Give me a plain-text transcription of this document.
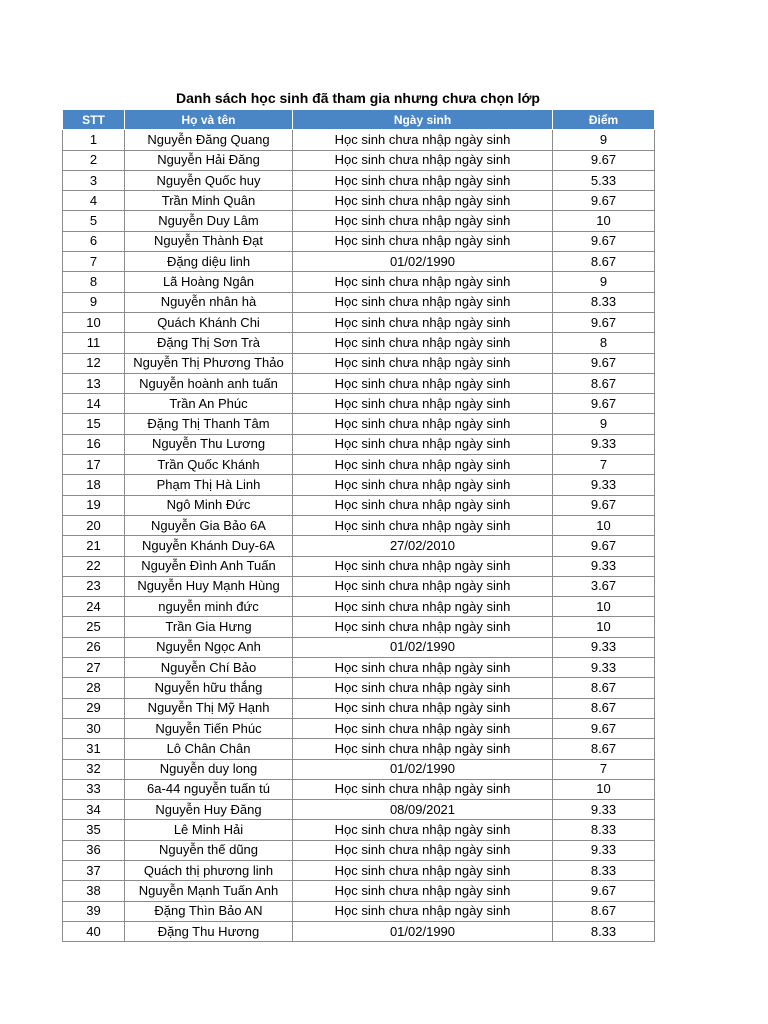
Danh sách học sinh đã tham gia nhưng chưa chọn lớp
STT	Họ và tên	Ngày sinh	Điểm
1	Nguyễn Đăng Quang	Học sinh chưa nhập ngày sinh	9
2	Nguyễn Hải Đăng	Học sinh chưa nhập ngày sinh	9.67
3	Nguyễn Quốc huy	Học sinh chưa nhập ngày sinh	5.33
4	Trần Minh Quân	Học sinh chưa nhập ngày sinh	9.67
5	Nguyễn Duy Lâm	Học sinh chưa nhập ngày sinh	10
6	Nguyễn Thành Đạt	Học sinh chưa nhập ngày sinh	9.67
7	Đặng diệu linh	01/02/1990	8.67
8	Lã Hoàng Ngân	Học sinh chưa nhập ngày sinh	9
9	Nguyễn nhân hà	Học sinh chưa nhập ngày sinh	8.33
10	Quách Khánh Chi	Học sinh chưa nhập ngày sinh	9.67
11	Đặng Thị Sơn Trà	Học sinh chưa nhập ngày sinh	8
12	Nguyễn Thị Phương Thảo	Học sinh chưa nhập ngày sinh	9.67
13	Nguyễn hoành anh tuấn	Học sinh chưa nhập ngày sinh	8.67
14	Trần An Phúc	Học sinh chưa nhập ngày sinh	9.67
15	Đặng Thị Thanh Tâm	Học sinh chưa nhập ngày sinh	9
16	Nguyễn Thu Lương	Học sinh chưa nhập ngày sinh	9.33
17	Trần Quốc Khánh	Học sinh chưa nhập ngày sinh	7
18	Phạm Thị Hà Linh	Học sinh chưa nhập ngày sinh	9.33
19	Ngô Minh Đức	Học sinh chưa nhập ngày sinh	9.67
20	Nguyễn Gia Bảo 6A	Học sinh chưa nhập ngày sinh	10
21	Nguyễn Khánh Duy-6A	27/02/2010	9.67
22	Nguyễn Đình Anh Tuấn	Học sinh chưa nhập ngày sinh	9.33
23	Nguyễn Huy Mạnh Hùng	Học sinh chưa nhập ngày sinh	3.67
24	nguyễn minh đức	Học sinh chưa nhập ngày sinh	10
25	Trần Gia Hưng	Học sinh chưa nhập ngày sinh	10
26	Nguyễn Ngọc Anh	01/02/1990	9.33
27	Nguyễn Chí Bảo	Học sinh chưa nhập ngày sinh	9.33
28	Nguyễn hữu thắng	Học sinh chưa nhập ngày sinh	8.67
29	Nguyễn Thị Mỹ Hạnh	Học sinh chưa nhập ngày sinh	8.67
30	Nguyễn Tiến Phúc	Học sinh chưa nhập ngày sinh	9.67
31	Lô Chân Chân	Học sinh chưa nhập ngày sinh	8.67
32	Nguyễn duy long	01/02/1990	7
33	6a-44 nguyễn tuấn tú	Học sinh chưa nhập ngày sinh	10
34	Nguyễn Huy Đăng	08/09/2021	9.33
35	Lê Minh Hải	Học sinh chưa nhập ngày sinh	8.33
36	Nguyễn thế dũng	Học sinh chưa nhập ngày sinh	9.33
37	Quách thị phương linh	Học sinh chưa nhập ngày sinh	8.33
38	Nguyễn Mạnh Tuấn Anh	Học sinh chưa nhập ngày sinh	9.67
39	Đặng Thìn Bảo AN	Học sinh chưa nhập ngày sinh	8.67
40	Đặng Thu Hương	01/02/1990	8.33
